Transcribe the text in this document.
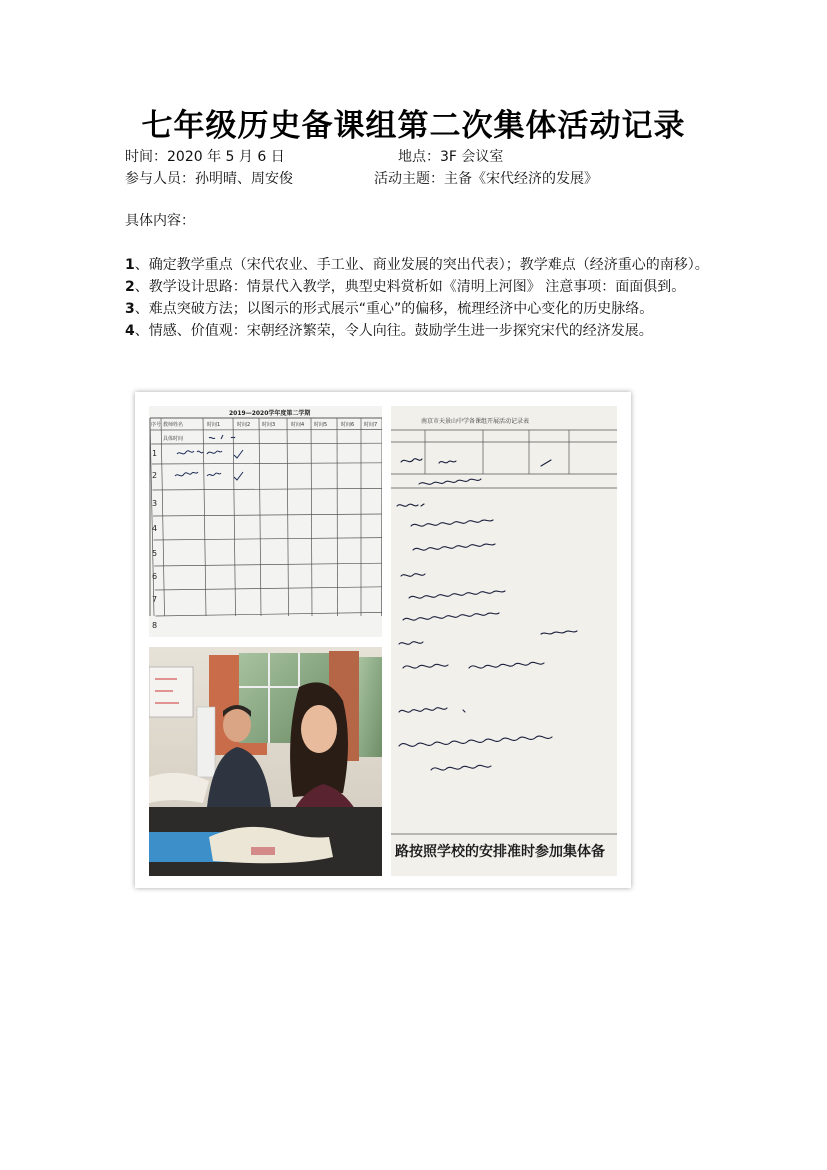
七年级历史备课组第二次集体活动记录
时间：2020 年 5 月 6 日	地点：3F 会议室
参与人员：孙明晴、周安俊	活动主题：主备《宋代经济的发展》
具体内容：

1、确定教学重点（宋代农业、手工业、商业发展的突出代表）；教学难点（经济重心的南移）。

2、教学设计思路：情景代入教学，典型史料赏析如《清明上河图》 注意事项：面面俱到。

3、难点突破方法；以图示的形式展示“重心”的偏移，梳理经济中心变化的历史脉络。

4、情感、价值观：宋朝经济繁荣，令人向往。鼓励学生进一步探究宋代的经济发展。

2019—2020学年度第二学期
序号 教师姓名	时间1	时间2 时间3	时间4 时间5	时间6 时间7
具体时间
1
2
3
4
5
6
7
8
南京市天景山中学备课组开展活动记录表
路按照学校的安排准时参加集体备
